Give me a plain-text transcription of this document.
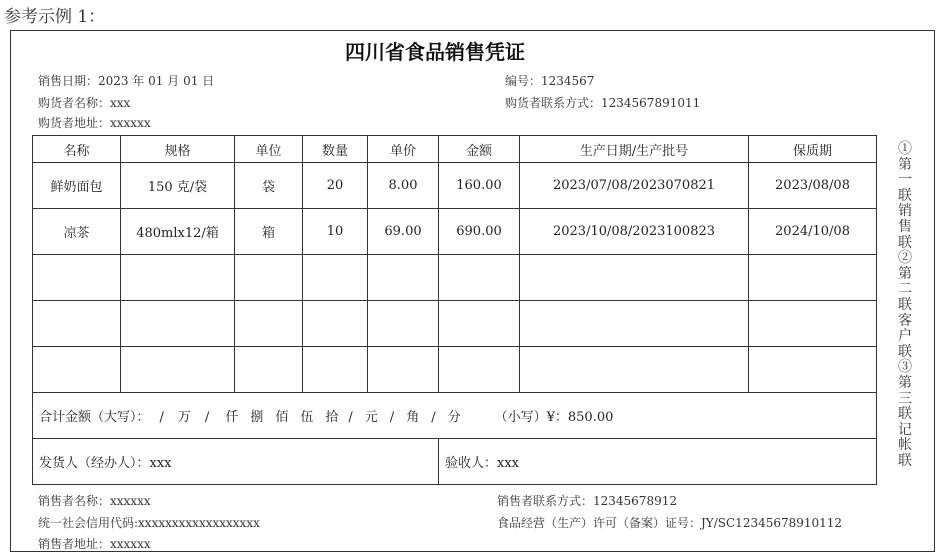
参考示例 1：
四川省食品销售凭证
销售日期：2023 年 01 月 01 日	编号：1234567
购货者名称：xxx	购货者联系方式：1234567891011
购货者地址：xxxxxx
名称	规格	单位	数量	单价	金额	生产日期/生产批号	保质期
鲜奶面包	150 克/袋	袋	20	8.00	160.00	2023/07/08/2023070821	2023/08/08
凉茶	480mlx12/箱	箱	10	69.00	690.00	2023/10/08/2023100823	2024/10/08

合计金额（大写）： / 万 / 仟 捌 佰 伍 拾 / 元 / 角 / 分 （小写）¥：850.00							
发货人（经办人）：xxx					验收人：xxx		
①第一联销售联②第二联客户联③第三联记帐联
销售者名称：xxxxxx	销售者联系方式：12345678912
统一社会信用代码:xxxxxxxxxxxxxxxxxx	食品经营（生产）许可（备案）证号：JY/SC12345678910112
销售者地址：xxxxxx
